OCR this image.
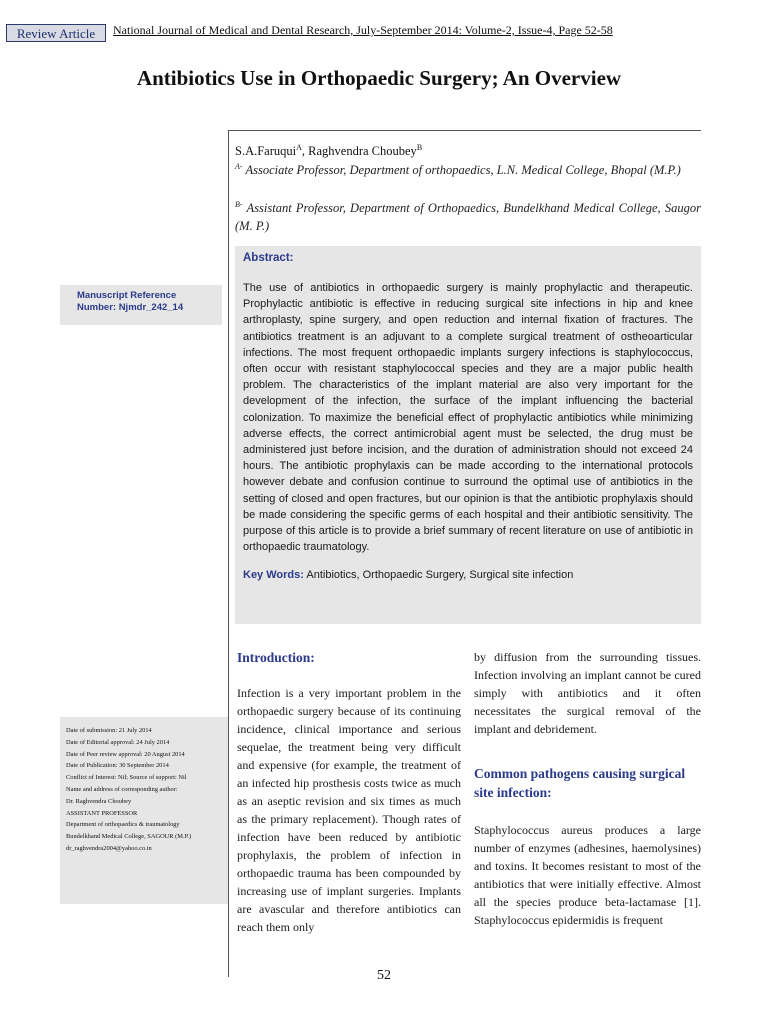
Review Article	National Journal of Medical and Dental Research, July-September 2014: Volume-2, Issue-4, Page 52-58
Antibiotics Use in Orthopaedic Surgery; An Overview
S.A.Faruqui$^A$, Raghvendra Choubey$^B$
$^{A-}$ Associate Professor, Department of orthopaedics, L.N. Medical College, Bhopal (M.P.)
$^{B-}$ Assistant Professor, Department of Orthopaedics, Bundelkhand Medical College, Saugor (M. P.)
Manuscript Reference
Number: Njmdr_242_14
Abstract:
The use of antibiotics in orthopaedic surgery is mainly prophylactic and therapeutic. Prophylactic antibiotic is effective in reducing surgical site infections in hip and knee arthroplasty, spine surgery, and open reduction and internal fixation of fractures. The antibiotics treatment is an adjuvant to a complete surgical treatment of ostheoarticular infections. The most frequent orthopaedic implants surgery infections is staphylococcus, often occur with resistant staphylococcal species and they are a major public health problem. The characteristics of the implant material are also very important for the development of the infection, the surface of the implant influencing the bacterial colonization. To maximize the beneficial effect of prophylactic antibiotics while minimizing adverse effects, the correct antimicrobial agent must be selected, the drug must be administered just before incision, and the duration of administration should not exceed 24 hours. The antibiotic prophylaxis can be made according to the international protocols however debate and confusion continue to surround the optimal use of antibiotics in the setting of closed and open fractures, but our opinion is that the antibiotic prophylaxis should be made considering the specific germs of each hospital and their antibiotic sensitivity. The purpose of this article is to provide a brief summary of recent literature on use of antibiotic in orthopaedic traumatology.
Key Words: Antibiotics, Orthopaedic Surgery, Surgical site infection
Date of submission: 21 July 2014
Date of Editorial approval: 24 July 2014
Date of Peer review approval: 20 August 2014
Date of Publication: 30 September 2014
Conflict of Interest: Nil; Source of support: Nil
Name and address of corresponding author:
Dr. Raghvendra Choubey
ASSISTANT PROFESSOR
Department of orthopaedics & traumatology
Bundelkhand Medical College, SAGOUR (M.P.)
dr_raghvendra2004@yahoo.co.in
Introduction:
Infection is a very important problem in the orthopaedic surgery because of its continuing incidence, clinical importance and serious sequelae, the treatment being very difficult and expensive (for example, the treatment of an infected hip prosthesis costs twice as much as an aseptic revision and six times as much as the primary replacement). Though rates of infection have been reduced by antibiotic prophylaxis, the problem of infection in orthopaedic trauma has been compounded by increasing use of implant surgeries. Implants are avascular and therefore antibiotics can reach them only
by diffusion from the surrounding tissues. Infection involving an implant cannot be cured simply with antibiotics and it often necessitates the surgical removal of the implant and debridement.
Common pathogens causing surgical site infection:
Staphylococcus aureus produces a large number of enzymes (adhesines, haemolysines) and toxins. It becomes resistant to most of the antibiotics that were initially effective. Almost all the species produce beta-lactamase [1]. Staphylococcus epidermidis is frequent
52
